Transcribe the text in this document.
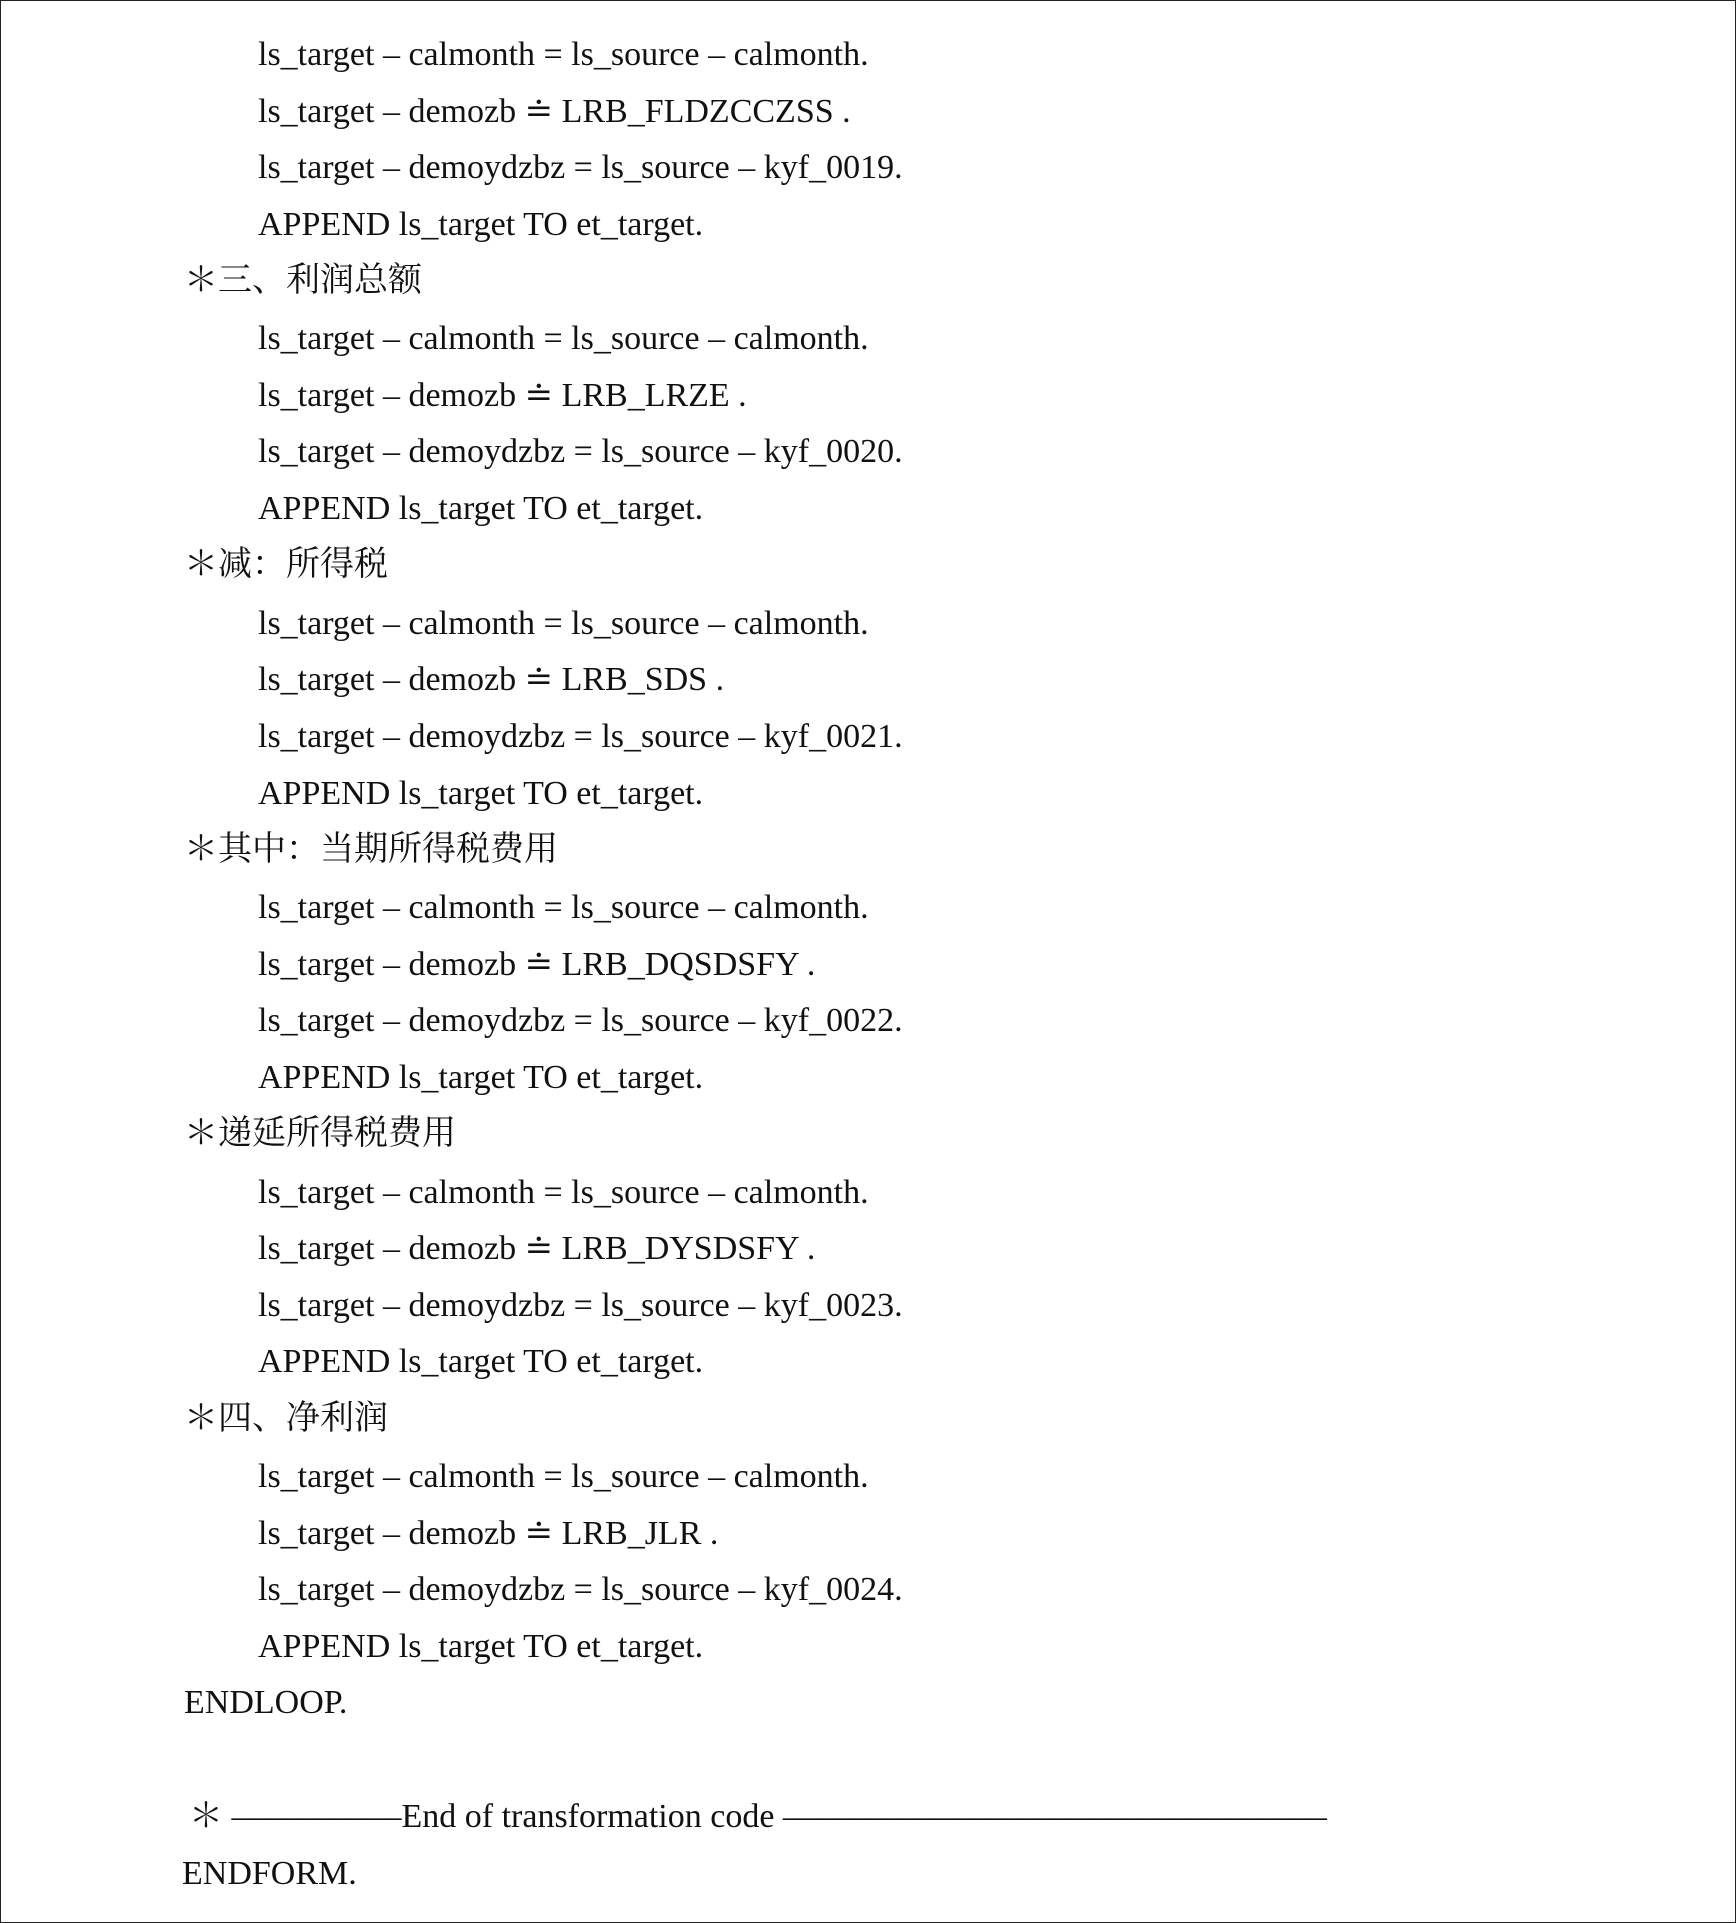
ls_target – calmonth = ls_source – calmonth.
ls_target – demozb ≐ LRB_FLDZCCZSS .
ls_target – demoydzbz = ls_source – kyf_0019.
APPEND ls_target TO et_target.
＊三、利润总额
ls_target – calmonth = ls_source – calmonth.
ls_target – demozb ≐ LRB_LRZE .
ls_target – demoydzbz = ls_source – kyf_0020.
APPEND ls_target TO et_target.
＊减：所得税
ls_target – calmonth = ls_source – calmonth.
ls_target – demozb ≐ LRB_SDS .
ls_target – demoydzbz = ls_source – kyf_0021.
APPEND ls_target TO et_target.
＊其中：当期所得税费用
ls_target – calmonth = ls_source – calmonth.
ls_target – demozb ≐ LRB_DQSDSFY .
ls_target – demoydzbz = ls_source – kyf_0022.
APPEND ls_target TO et_target.
＊递延所得税费用
ls_target – calmonth = ls_source – calmonth.
ls_target – demozb ≐ LRB_DYSDSFY .
ls_target – demoydzbz = ls_source – kyf_0023.
APPEND ls_target TO et_target.
＊四、净利润
ls_target – calmonth = ls_source – calmonth.
ls_target – demozb ≐ LRB_JLR .
ls_target – demoydzbz = ls_source – kyf_0024.
APPEND ls_target TO et_target.
ENDLOOP.
＊ ––––––––––End of transformation code ––––––––––––––––––––––––––––––––
ENDFORM.
